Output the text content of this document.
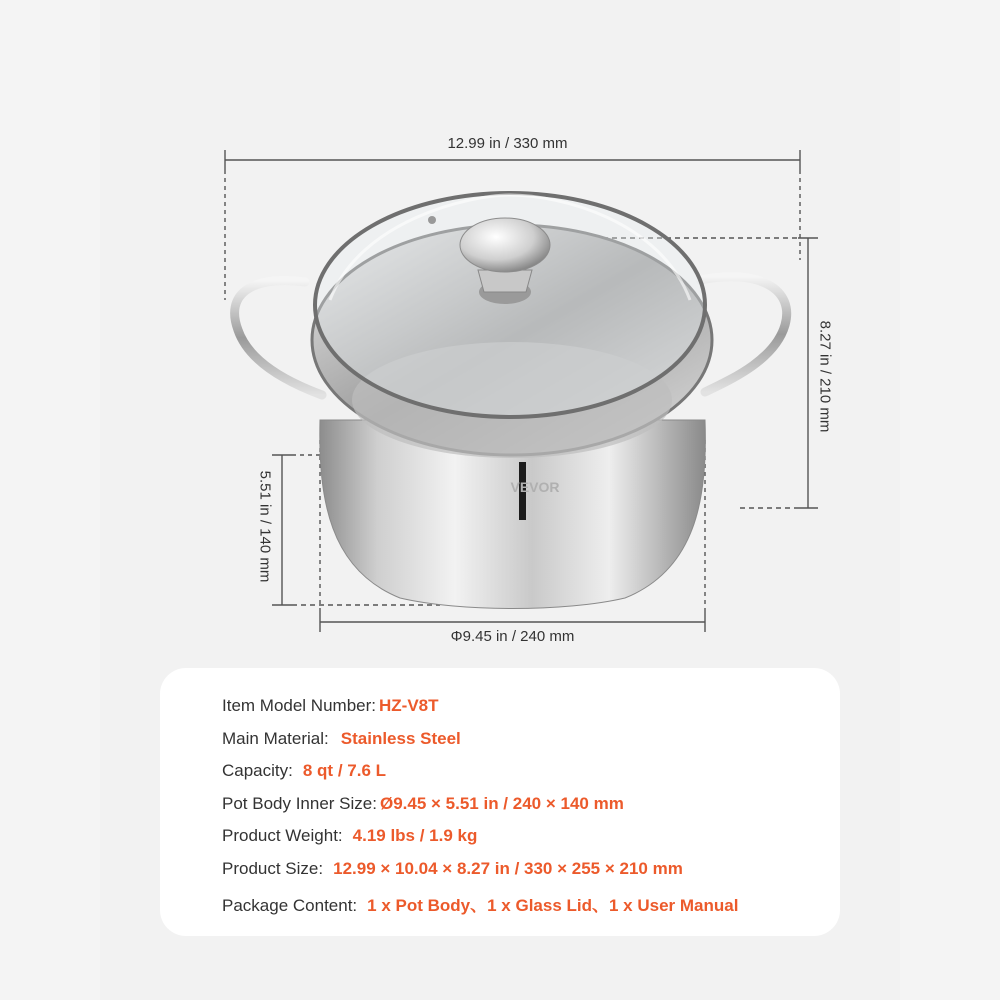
VEVOR
12.99 in / 330 mm
8.27 in / 210 mm
5.51 in / 140 mm
Φ9.45 in / 240 mm
Item Model Number: HZ-V8T
Main Material: Stainless Steel
Capacity: 8 qt / 7.6 L
Pot Body Inner Size: Ø9.45 × 5.51 in / 240 × 140 mm
Product Weight: 4.19 lbs / 1.9 kg
Product Size: 12.99 × 10.04 × 8.27 in / 330 × 255 × 210 mm
Package Content: 1 x Pot Body、1 x Glass Lid、1 x User Manual
